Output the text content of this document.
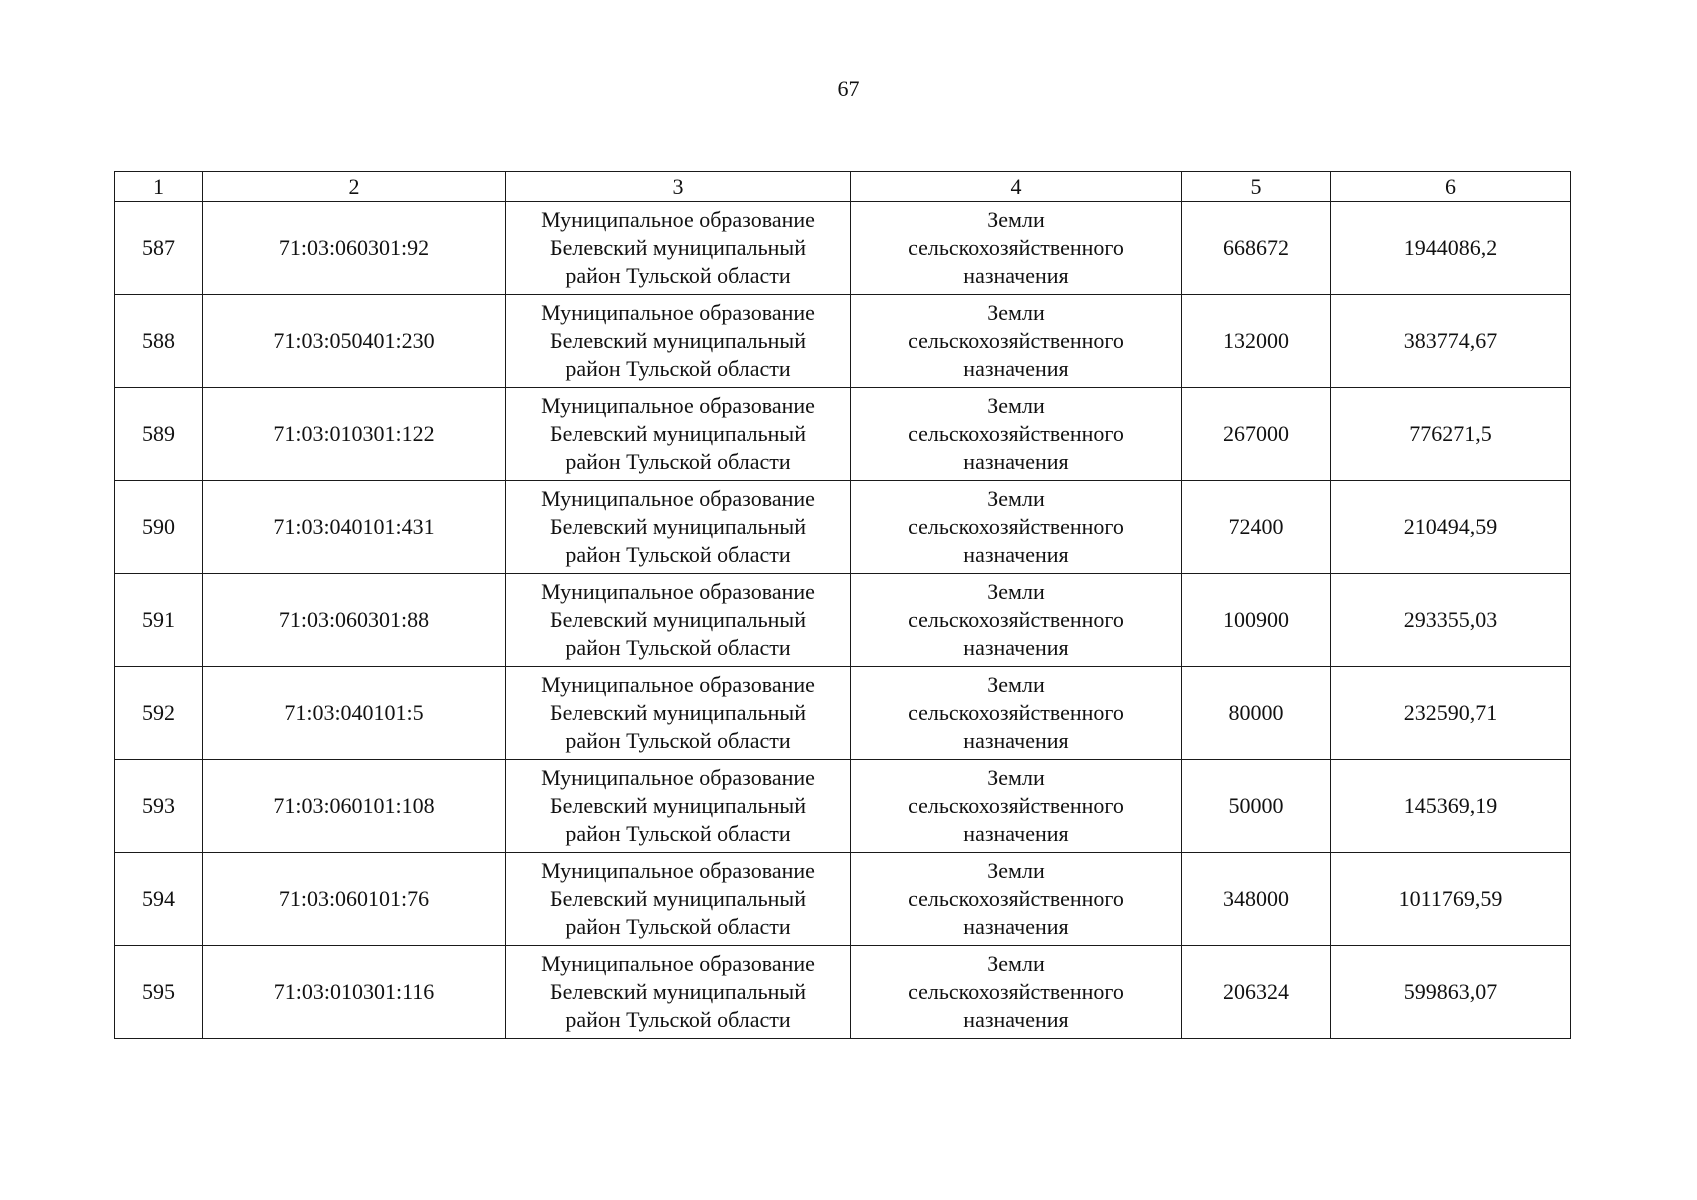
67
1	2	3	4	5	6
587	71:03:060301:92	Муниципальное образование
Белевский муниципальный
район Тульской области	Земли
сельскохозяйственного
назначения	668672	1944086,2
588	71:03:050401:230	Муниципальное образование
Белевский муниципальный
район Тульской области	Земли
сельскохозяйственного
назначения	132000	383774,67
589	71:03:010301:122	Муниципальное образование
Белевский муниципальный
район Тульской области	Земли
сельскохозяйственного
назначения	267000	776271,5
590	71:03:040101:431	Муниципальное образование
Белевский муниципальный
район Тульской области	Земли
сельскохозяйственного
назначения	72400	210494,59
591	71:03:060301:88	Муниципальное образование
Белевский муниципальный
район Тульской области	Земли
сельскохозяйственного
назначения	100900	293355,03
592	71:03:040101:5	Муниципальное образование
Белевский муниципальный
район Тульской области	Земли
сельскохозяйственного
назначения	80000	232590,71
593	71:03:060101:108	Муниципальное образование
Белевский муниципальный
район Тульской области	Земли
сельскохозяйственного
назначения	50000	145369,19
594	71:03:060101:76	Муниципальное образование
Белевский муниципальный
район Тульской области	Земли
сельскохозяйственного
назначения	348000	1011769,59
595	71:03:010301:116	Муниципальное образование
Белевский муниципальный
район Тульской области	Земли
сельскохозяйственного
назначения	206324	599863,07
